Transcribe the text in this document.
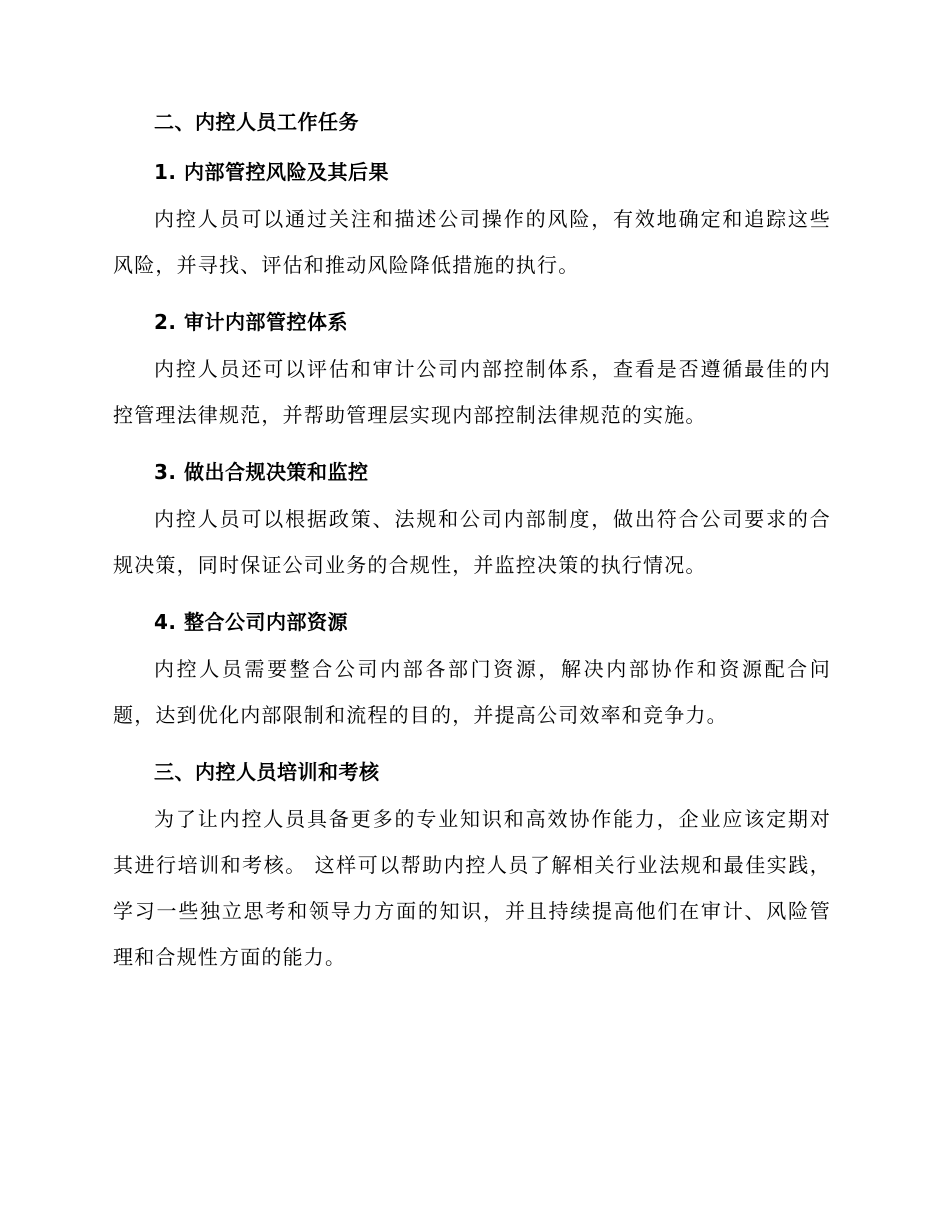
二、内控人员工作任务
1. 内部管控风险及其后果

内控人员可以通过关注和描述公司操作的风险，有效地确定和追踪这些风险，并寻找、评估和推动风险降低措施的执行。

2. 审计内部管控体系

内控人员还可以评估和审计公司内部控制体系，查看是否遵循最佳的内控管理法律规范，并帮助管理层实现内部控制法律规范的实施。

3. 做出合规决策和监控

内控人员可以根据政策、法规和公司内部制度，做出符合公司要求的合规决策，同时保证公司业务的合规性，并监控决策的执行情况。

4. 整合公司内部资源

内控人员需要整合公司内部各部门资源，解决内部协作和资源配合问题，达到优化内部限制和流程的目的，并提高公司效率和竞争力。

三、内控人员培训和考核

为了让内控人员具备更多的专业知识和高效协作能力，企业应该定期对其进行培训和考核。 这样可以帮助内控人员了解相关行业法规和最佳实践，学习一些独立思考和领导力方面的知识，并且持续提高他们在审计、风险管理和合规性方面的能力。
